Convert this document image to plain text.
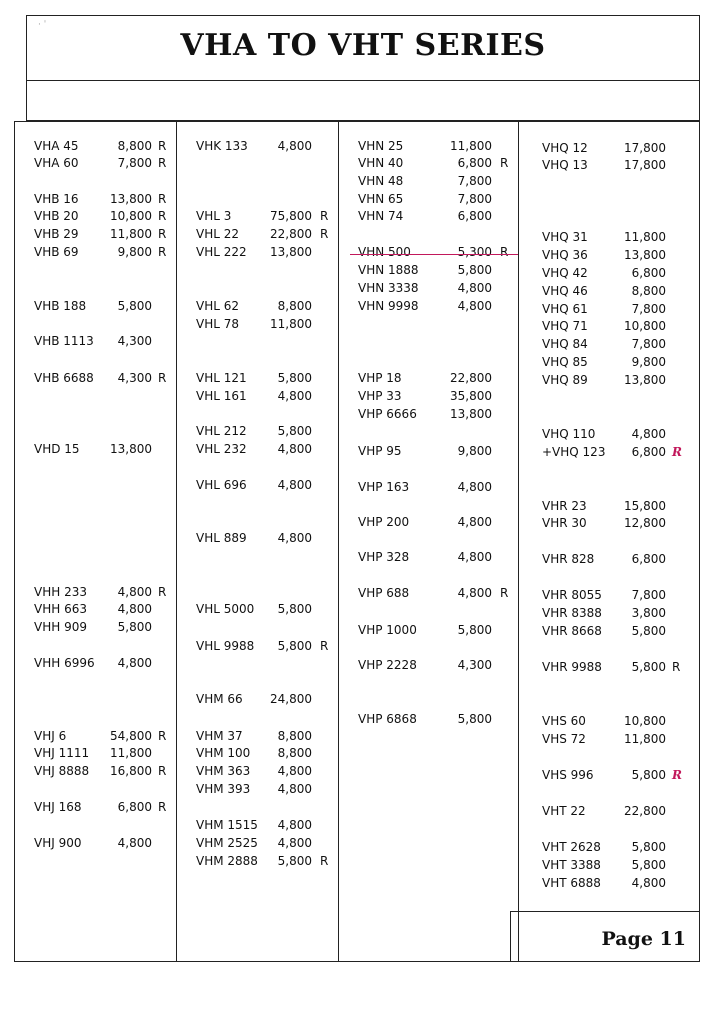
· ˈ
VHA TO VHT SERIES
Page 11
VHA 45	8,800 R
VHA 60	7,800 R
VHB 16	13,800 R
VHB 20	10,800 R
VHB 29	11,800 R
VHB 69	9,800 R
VHB 188	5,800
VHB 1113	4,300
VHB 6688	4,300 R
VHD 15	13,800
VHH 233	4,800 R
VHH 663	4,800
VHH 909	5,800
VHH 6996	4,800
VHJ 6	54,800 R
VHJ 1111	11,800
VHJ 8888	16,800 R
VHJ 168	6,800 R
VHJ 900	4,800
VHK 133	4,800
VHL 3	75,800 R
VHL 22	22,800 R
VHL 222	13,800
VHL 62	8,800
VHL 78	11,800
VHL 121	5,800
VHL 161	4,800
VHL 212	5,800
VHL 232	4,800
VHL 696	4,800
VHL 889	4,800
VHL 5000	5,800
VHL 9988	5,800 R
VHM 66	24,800
VHM 37	8,800
VHM 100	8,800
VHM 363	4,800
VHM 393	4,800
VHM 1515	4,800
VHM 2525	4,800
VHM 2888	5,800 R
VHN 25	11,800
VHN 40	6,800 R
VHN 48	7,800
VHN 65	7,800
VHN 74	6,800
VHN 500	5,300 R
VHN 1888	5,800
VHN 3338	4,800
VHN 9998	4,800
VHP 18	22,800
VHP 33	35,800
VHP 6666	13,800
VHP 95	9,800
VHP 163	4,800
VHP 200	4,800
VHP 328	4,800
VHP 688	4,800 R
VHP 1000	5,800
VHP 2228	4,300
VHP 6868	5,800
VHQ 12	17,800
VHQ 13	17,800
VHQ 31	11,800
VHQ 36	13,800
VHQ 42	6,800
VHQ 46	8,800
VHQ 61	7,800
VHQ 71	10,800
VHQ 84	7,800
VHQ 85	9,800
VHQ 89	13,800
VHQ 110	4,800
+VHQ 123	6,800 R
VHR 23	15,800
VHR 30	12,800
VHR 828	6,800
VHR 8055	7,800
VHR 8388	3,800
VHR 8668	5,800
VHR 9988	5,800 R
VHS 60	10,800
VHS 72	11,800
VHS 996	5,800 R
VHT 22	22,800
VHT 2628	5,800
VHT 3388	5,800
VHT 6888	4,800
